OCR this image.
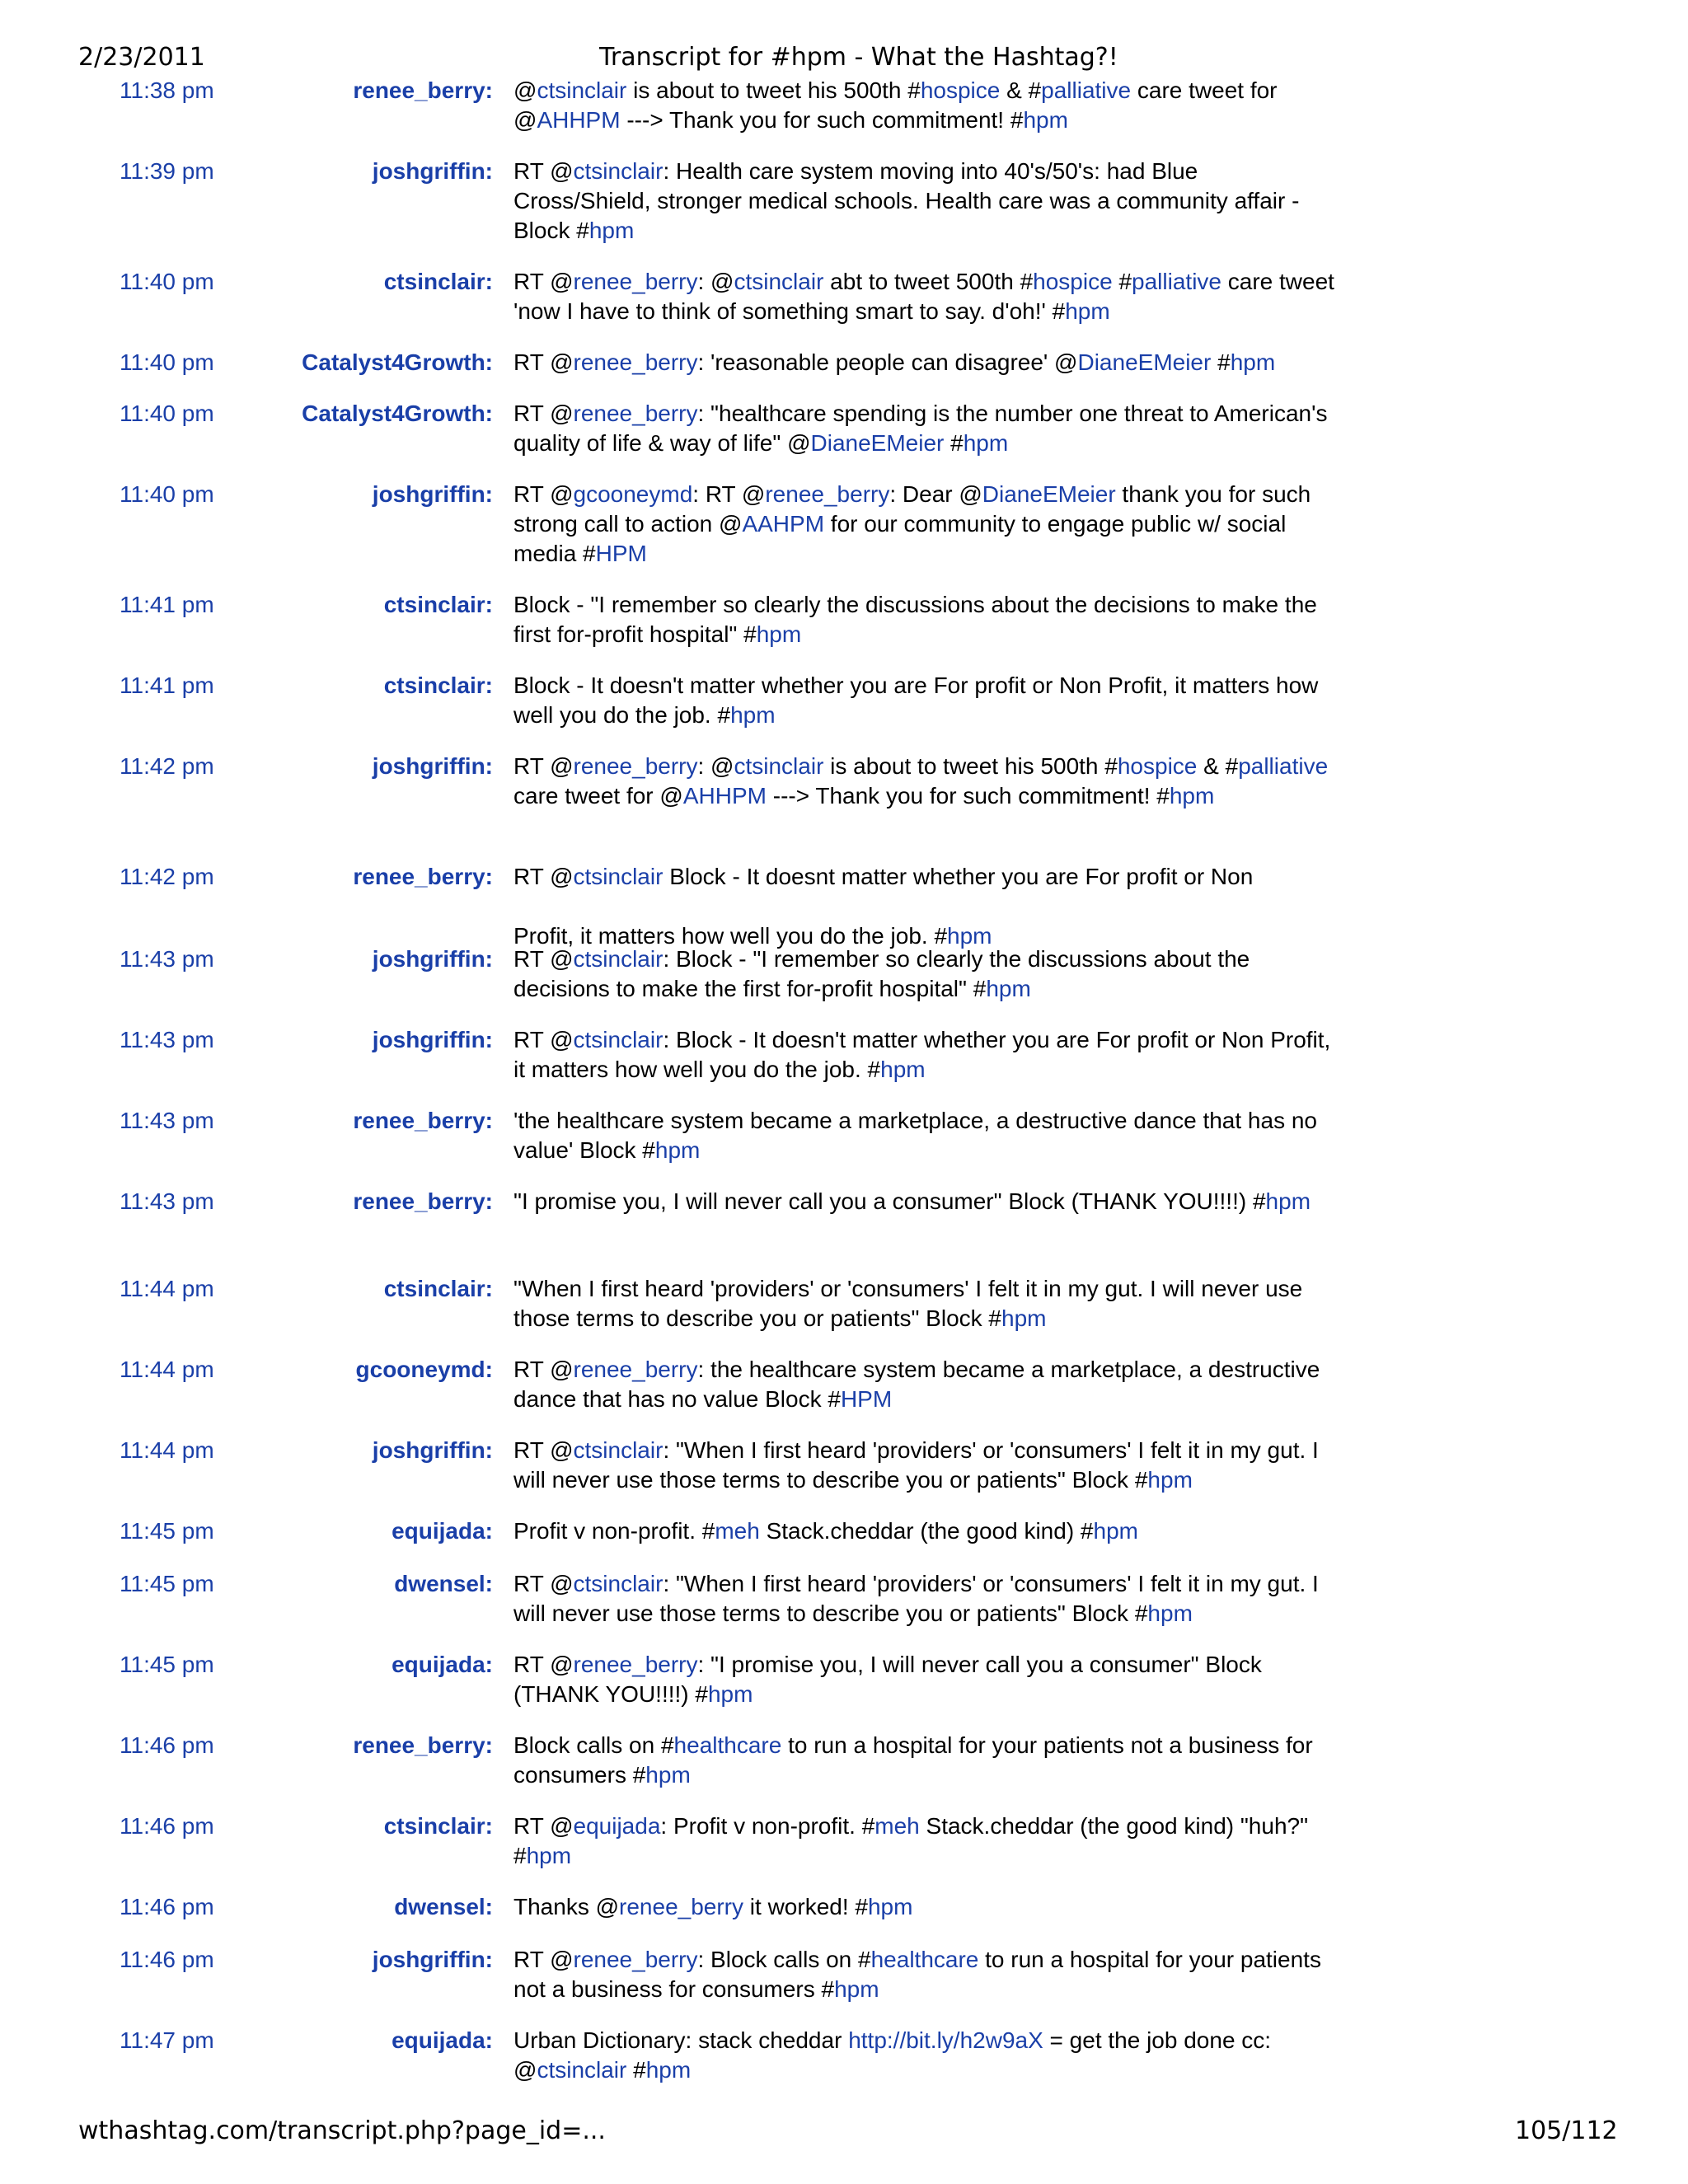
2/23/2011	Transcript for #hpm - What the Hashtag?!
11:38 pm	renee_berry: @ctsinclair is about to tweet his 500th #hospice & #palliative care tweet for @AHHPM ---> Thank you for such commitment! #hpm
11:39 pm	joshgriffin: RT @ctsinclair: Health care system moving into 40's/50's: had Blue Cross/Shield, stronger medical schools. Health care was a community affair - Block #hpm
11:40 pm	ctsinclair: RT @renee_berry: @ctsinclair abt to tweet 500th #hospice #palliative care tweet 'now I have to think of something smart to say. d'oh!' #hpm
11:40 pm	Catalyst4Growth: RT @renee_berry: 'reasonable people can disagree' @DianeEMeier #hpm
11:40 pm	Catalyst4Growth: RT @renee_berry: "healthcare spending is the number one threat to American's quality of life & way of life" @DianeEMeier #hpm
11:40 pm	joshgriffin: RT @gcooneymd: RT @renee_berry: Dear @DianeEMeier thank you for such strong call to action @AAHPM for our community to engage public w/ social media #HPM
11:41 pm	ctsinclair: Block - "I remember so clearly the discussions about the decisions to make the first for-profit hospital" #hpm
11:41 pm	ctsinclair: Block - It doesn't matter whether you are For profit or Non Profit, it matters how well you do the job. #hpm
11:42 pm	joshgriffin: RT @renee_berry: @ctsinclair is about to tweet his 500th #hospice & #palliative care tweet for @AHHPM ---> Thank you for such commitment! #hpm
11:42 pm	renee_berry: RT @ctsinclair Block - It doesnt matter whether you are For profit or Non

Profit, it matters how well you do the job. #hpm
11:43 pm	joshgriffin: RT @ctsinclair: Block - "I remember so clearly the discussions about the decisions to make the first for-profit hospital" #hpm
11:43 pm	joshgriffin: RT @ctsinclair: Block - It doesn't matter whether you are For profit or Non Profit, it matters how well you do the job. #hpm
11:43 pm	renee_berry: 'the healthcare system became a marketplace, a destructive dance that has no value' Block #hpm
11:43 pm	renee_berry: "I promise you, I will never call you a consumer" Block (THANK YOU!!!!) #hpm
11:44 pm	ctsinclair: "When I first heard 'providers' or 'consumers' I felt it in my gut. I will never use those terms to describe you or patients" Block #hpm
11:44 pm	gcooneymd: RT @renee_berry: the healthcare system became a marketplace, a destructive dance that has no value Block #HPM
11:44 pm	joshgriffin: RT @ctsinclair: "When I first heard 'providers' or 'consumers' I felt it in my gut. I will never use those terms to describe you or patients" Block #hpm
11:45 pm	equijada: Profit v non-profit. #meh Stack.cheddar (the good kind) #hpm
11:45 pm	dwensel: RT @ctsinclair: "When I first heard 'providers' or 'consumers' I felt it in my gut. I will never use those terms to describe you or patients" Block #hpm
11:45 pm	equijada: RT @renee_berry: "I promise you, I will never call you a consumer" Block (THANK YOU!!!!) #hpm
11:46 pm	renee_berry: Block calls on #healthcare to run a hospital for your patients not a business for consumers #hpm
11:46 pm	ctsinclair: RT @equijada: Profit v non-profit. #meh Stack.cheddar (the good kind) "huh?" #hpm
11:46 pm	dwensel: Thanks @renee_berry it worked! #hpm
11:46 pm	joshgriffin: RT @renee_berry: Block calls on #healthcare to run a hospital for your patients not a business for consumers #hpm
11:47 pm	equijada: Urban Dictionary: stack cheddar http://bit.ly/h2w9aX = get the job done cc: @ctsinclair #hpm
wthashtag.com/transcript.php?page_id=...	105/112
